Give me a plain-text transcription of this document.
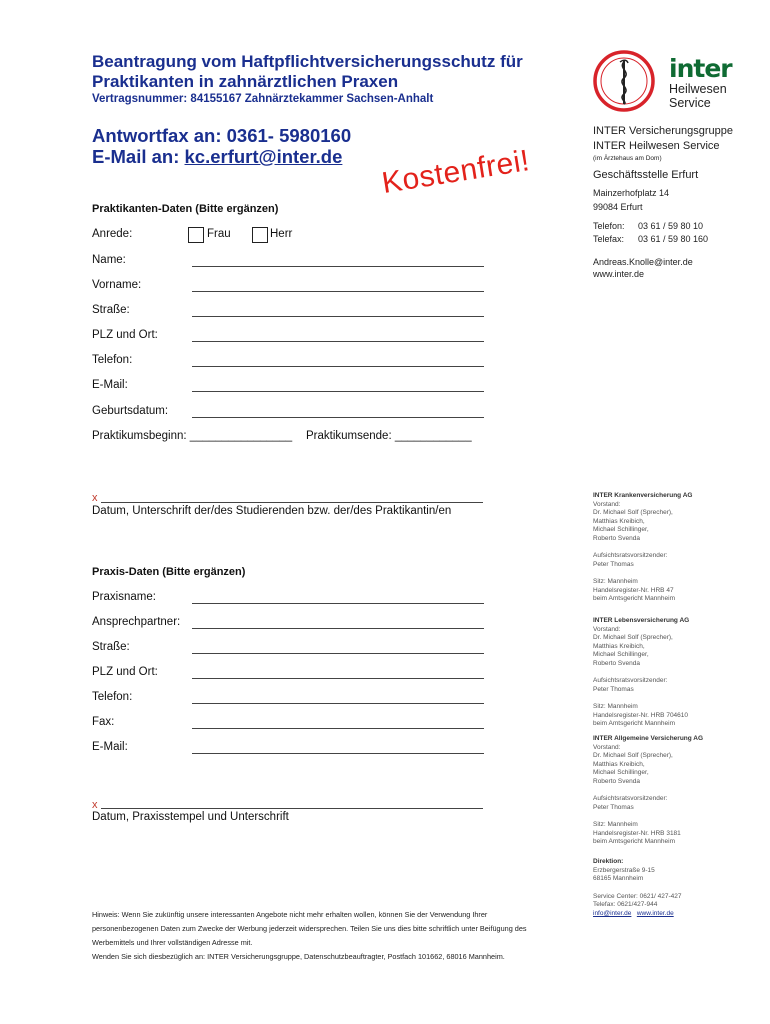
Beantragung vom Haftpflichtversicherungsschutz für Praktikanten in zahnärztlichen Praxen
Vertragsnummer: 84155167 Zahnärztekammer Sachsen-Anhalt
Antwortfax an: 0361- 5980160
E-Mail an: kc.erfurt@inter.de Kostenfrei!
inter
Heilwesen
Service
Praktikanten-Daten (Bitte ergänzen)
Anrede:	Frau	Herr
Name:
Vorname:
Straße:
PLZ und Ort:
Telefon:
E-Mail:
Geburtsdatum:
Praktikumsbeginn: ________________ Praktikumsende: ____________
x
Datum, Unterschrift der/des Studierenden bzw. der/des Praktikantin/en
Praxis-Daten (Bitte ergänzen)
Praxisname:
Ansprechpartner:
Straße:
PLZ und Ort:
Telefon:
Fax:
E-Mail:
x
Datum, Praxisstempel und Unterschrift
INTER Versicherungsgruppe
INTER Heilwesen Service
(im Ärztehaus am Dom)
Geschäftsstelle Erfurt
Mainzerhofplatz 14
99084 Erfurt
Telefon: 03 61 / 59 80 10
Telefax: 03 61 / 59 80 160
Andreas.Knolle@inter.de
www.inter.de
INTER Krankenversicherung AG
Vorstand:
Dr. Michael Solf (Sprecher),
Matthias Kreibich,
Michael Schillinger,
Roberto Svenda

Aufsichtsratsvorsitzender:
Peter Thomas

Sitz: Mannheim
Handelsregister-Nr. HRB 47
beim Amtsgericht Mannheim
INTER Lebensversicherung AG
Vorstand:
Dr. Michael Solf (Sprecher),
Matthias Kreibich,
Michael Schillinger,
Roberto Svenda

Aufsichtsratsvorsitzender:
Peter Thomas

Sitz: Mannheim
Handelsregister-Nr. HRB 704610
beim Amtsgericht Mannheim
INTER Allgemeine Versicherung AG
Vorstand:
Dr. Michael Solf (Sprecher),
Matthias Kreibich,
Michael Schillinger,
Roberto Svenda

Aufsichtsratsvorsitzender:
Peter Thomas

Sitz: Mannheim
Handelsregister-Nr. HRB 3181
beim Amtsgericht Mannheim
Direktion:
Erzbergerstraße 9-15
68165 Mannheim

Service Center: 0621/ 427-427
Telefax: 0621/427-944
info@inter.de www.inter.de
Hinweis: Wenn Sie zukünftig unsere interessanten Angebote nicht mehr erhalten wollen, können Sie der Verwendung Ihrer
personenbezogenen Daten zum Zwecke der Werbung jederzeit widersprechen. Teilen Sie uns dies bitte schriftlich unter Beifügung des
Werbemittels und Ihrer vollständigen Adresse mit.
Wenden Sie sich diesbezüglich an: INTER Versicherungsgruppe, Datenschutzbeauftragter, Postfach 101662, 68016 Mannheim.
